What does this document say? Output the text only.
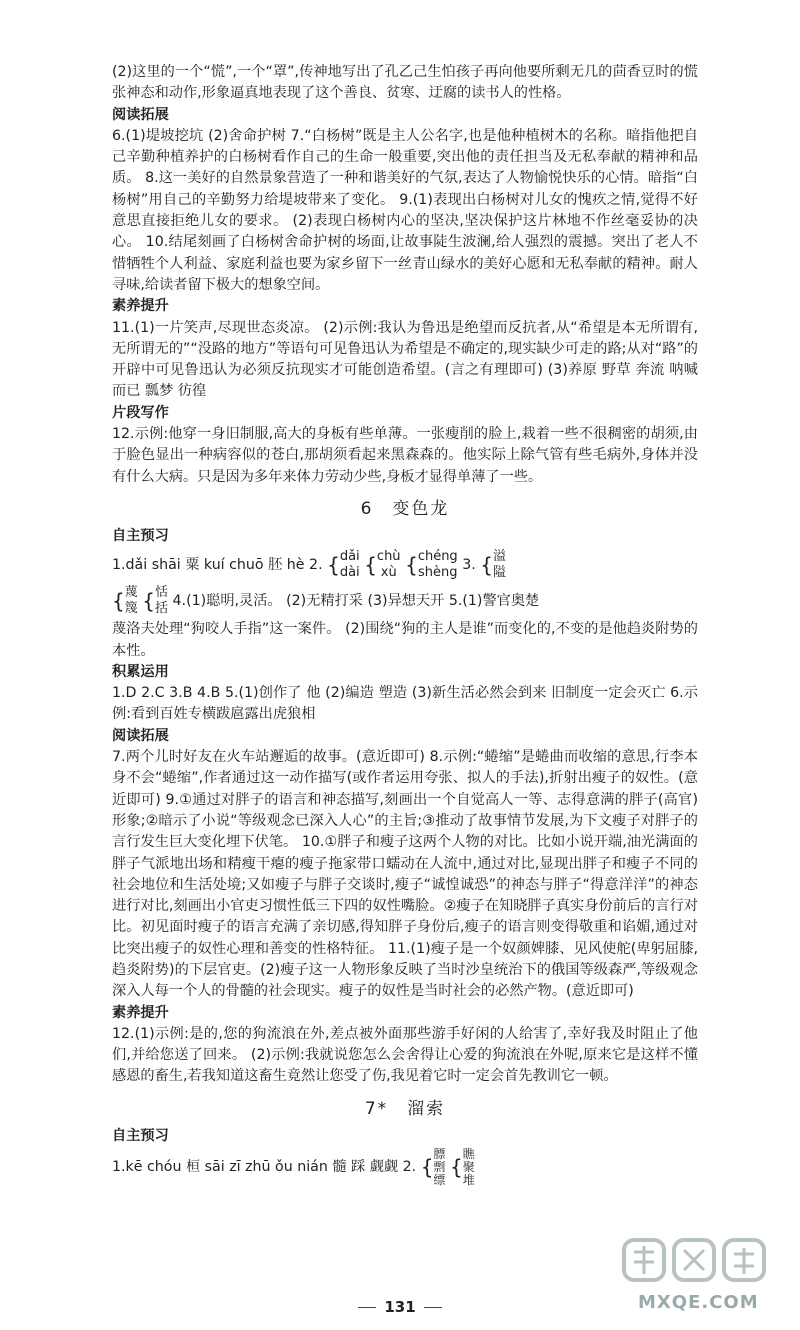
(2)这里的一个“慌”,一个“罩”,传神地写出了孔乙己生怕孩子再向他要所剩无几的茴香豆时的慌张神态和动作,形象逼真地表现了这个善良、贫寒、迂腐的读书人的性格。

阅读拓展

6.(1)堤坡挖坑 (2)舍命护树 7.“白杨树”既是主人公名字,也是他种植树木的名称。暗指他把自己辛勤种植养护的白杨树看作自己的生命一般重要,突出他的责任担当及无私奉献的精神和品质。 8.这一美好的自然景象营造了一种和谐美好的气氛,表达了人物愉悦快乐的心情。暗指“白杨树”用自己的辛勤努力给堤坡带来了变化。 9.(1)表现出白杨树对儿女的愧疚之情,觉得不好意思直接拒绝儿女的要求。 (2)表现白杨树内心的坚决,坚决保护这片林地不作丝毫妥协的决心。 10.结尾刻画了白杨树舍命护树的场面,让故事陡生波澜,给人强烈的震撼。突出了老人不惜牺牲个人利益、家庭利益也要为家乡留下一丝青山绿水的美好心愿和无私奉献的精神。耐人寻味,给读者留下极大的想象空间。

素养提升

11.(1)一片笑声,尽现世态炎凉。 (2)示例:我认为鲁迅是绝望而反抗者,从“希望是本无所谓有,无所谓无的”“没路的地方”等语句可见鲁迅认为希望是不确定的,现实缺少可走的路;从对“路”的开辟中可见鲁迅认为必须反抗现实才可能创造希望。(言之有理即可) (3)养原 野草 奔流 呐喊 而已 瓢梦 彷徨

片段写作

12.示例:他穿一身旧制服,高大的身板有些单薄。一张瘦削的脸上,栽着一些不很稠密的胡须,由于脸色显出一种病容似的苍白,那胡须看起来黑森森的。他实际上除气管有些毛病外,身体并没有什么大病。只是因为多年来体力劳动少些,身板才显得单薄了一些。

6　变色龙

自主预习

1.dǎi shāi 粟 kuí chuō 胚 hè 2. {dǎi
dài {chù
xù {chéng
shèng 3. {溢
隘
{蔑
篾 {恬
括 4.(1)聪明,灵活。 (2)无精打采 (3)异想天开 5.(1)警官奥楚

蔑洛夫处理“狗咬人手指”这一案件。 (2)围绕“狗的主人是谁”而变化的,不变的是他趋炎附势的本性。

积累运用

1.D 2.C 3.B 4.B 5.(1)创作了 他 (2)编造 塑造 (3)新生活必然会到来 旧制度一定会灭亡 6.示例:看到百姓专横跋扈露出虎狼相

阅读拓展

7.两个儿时好友在火车站邂逅的故事。(意近即可) 8.示例:“蜷缩”是蜷曲而收缩的意思,行李本身不会“蜷缩”,作者通过这一动作描写(或作者运用夸张、拟人的手法),折射出瘦子的奴性。(意近即可) 9.①通过对胖子的语言和神态描写,刻画出一个自觉高人一等、志得意满的胖子(高官)形象;②暗示了小说“等级观念已深入人心”的主旨;③推动了故事情节发展,为下文瘦子对胖子的言行发生巨大变化埋下伏笔。 10.①胖子和瘦子这两个人物的对比。比如小说开端,油光满面的胖子气派地出场和精瘦干瘪的瘦子拖家带口蠕动在人流中,通过对比,显现出胖子和瘦子不同的社会地位和生活处境;又如瘦子与胖子交谈时,瘦子“诚惶诚恐”的神态与胖子“得意洋洋”的神态进行对比,刻画出小官吏习惯性低三下四的奴性嘴脸。②瘦子在知晓胖子真实身份前后的言行对比。初见面时瘦子的语言充满了亲切感,得知胖子身份后,瘦子的语言则变得敬重和谄媚,通过对比突出瘦子的奴性心理和善变的性格特征。 11.(1)瘦子是一个奴颜婢膝、见风使舵(卑躬屈膝,趋炎附势)的下层官吏。(2)瘦子这一人物形象反映了当时沙皇统治下的俄国等级森严,等级观念深入人每一个人的骨髓的社会现实。瘦子的奴性是当时社会的必然产物。(意近即可)

素养提升

12.(1)示例:是的,您的狗流浪在外,差点被外面那些游手好闲的人给害了,幸好我及时阻止了他们,并给您送了回来。 (2)示例:我就说您怎么会舍得让心爱的狗流浪在外呢,原来它是这样不懂感恩的畜生,若我知道这畜生竟然让您受了伤,我见着它时一定会首先教训它一顿。

7*　溜索

自主预习

1.kē chóu 桓 sāi zī zhū ǒu nián 髓 踩 觑觑 2. {膘
剽
缥 {瞧
聚
堆
MXQE.COM
131
